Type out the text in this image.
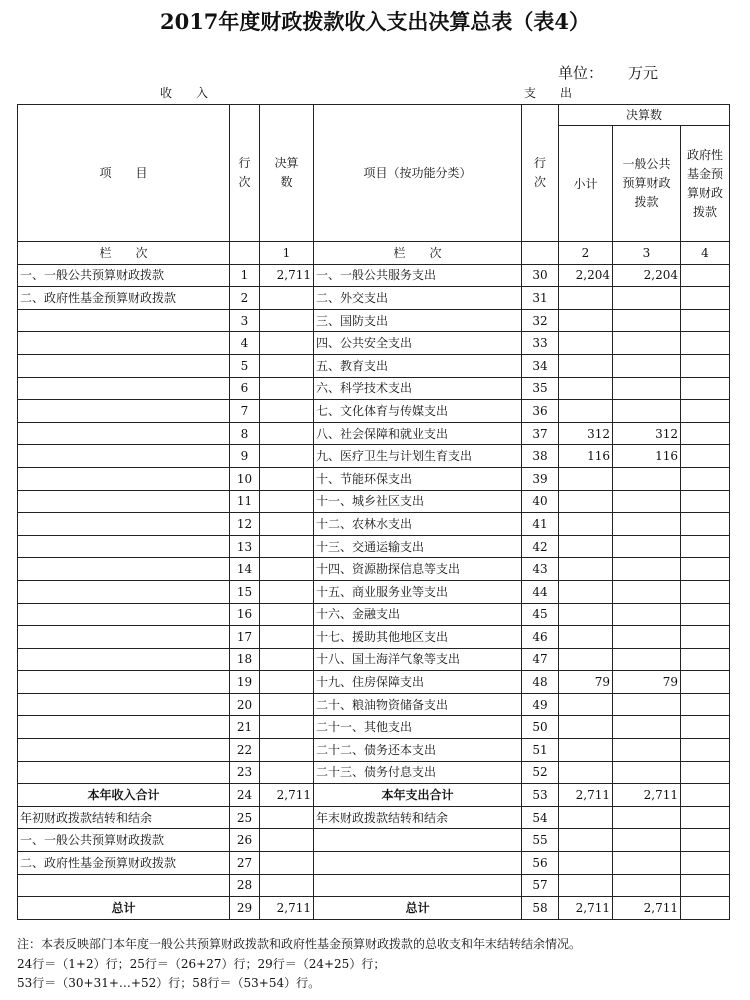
2017年度财政拨款收入支出决算总表（表4）
单位： 万元
收　　入	支　　出
项　　目	行次	决算数	项目（按功能分类）	行次	决算数		
					小计	一般公共预算财政拨款	政府性基金预算财政拨款
栏　　次		1	栏　　次		2	3	4
一、一般公共预算财政拨款	1	2,711	一、一般公共服务支出	30	2,204	2,204	
二、政府性基金预算财政拨款	2		二、外交支出	31			
	3		三、国防支出	32			
	4		四、公共安全支出	33			
	5		五、教育支出	34			
	6		六、科学技术支出	35			
	7		七、文化体育与传媒支出	36			
	8		八、社会保障和就业支出	37	312	312	
	9		九、医疗卫生与计划生育支出	38	116	116	
	10		十、节能环保支出	39			
	11		十一、城乡社区支出	40			
	12		十二、农林水支出	41			
	13		十三、交通运输支出	42			
	14		十四、资源勘探信息等支出	43			
	15		十五、商业服务业等支出	44			
	16		十六、金融支出	45			
	17		十七、援助其他地区支出	46			
	18		十八、国土海洋气象等支出	47			
	19		十九、住房保障支出	48	79	79	
	20		二十、粮油物资储备支出	49			
	21		二十一、其他支出	50			
	22		二十二、债务还本支出	51			
	23		二十三、债务付息支出	52			
本年收入合计	24	2,711	本年支出合计	53	2,711	2,711	
年初财政拨款结转和结余	25		年末财政拨款结转和结余	54			
一、一般公共预算财政拨款	26			55			
二、政府性基金预算财政拨款	27			56			
	28			57			
总计	29	2,711	总计	58	2,711	2,711	
注：本表反映部门本年度一般公共预算财政拨款和政府性基金预算财政拨款的总收支和年末结转结余情况。
24行＝（1+2）行；25行＝（26+27）行；29行＝（24+25）行；
53行＝（30+31+…+52）行；58行＝（53+54）行。
